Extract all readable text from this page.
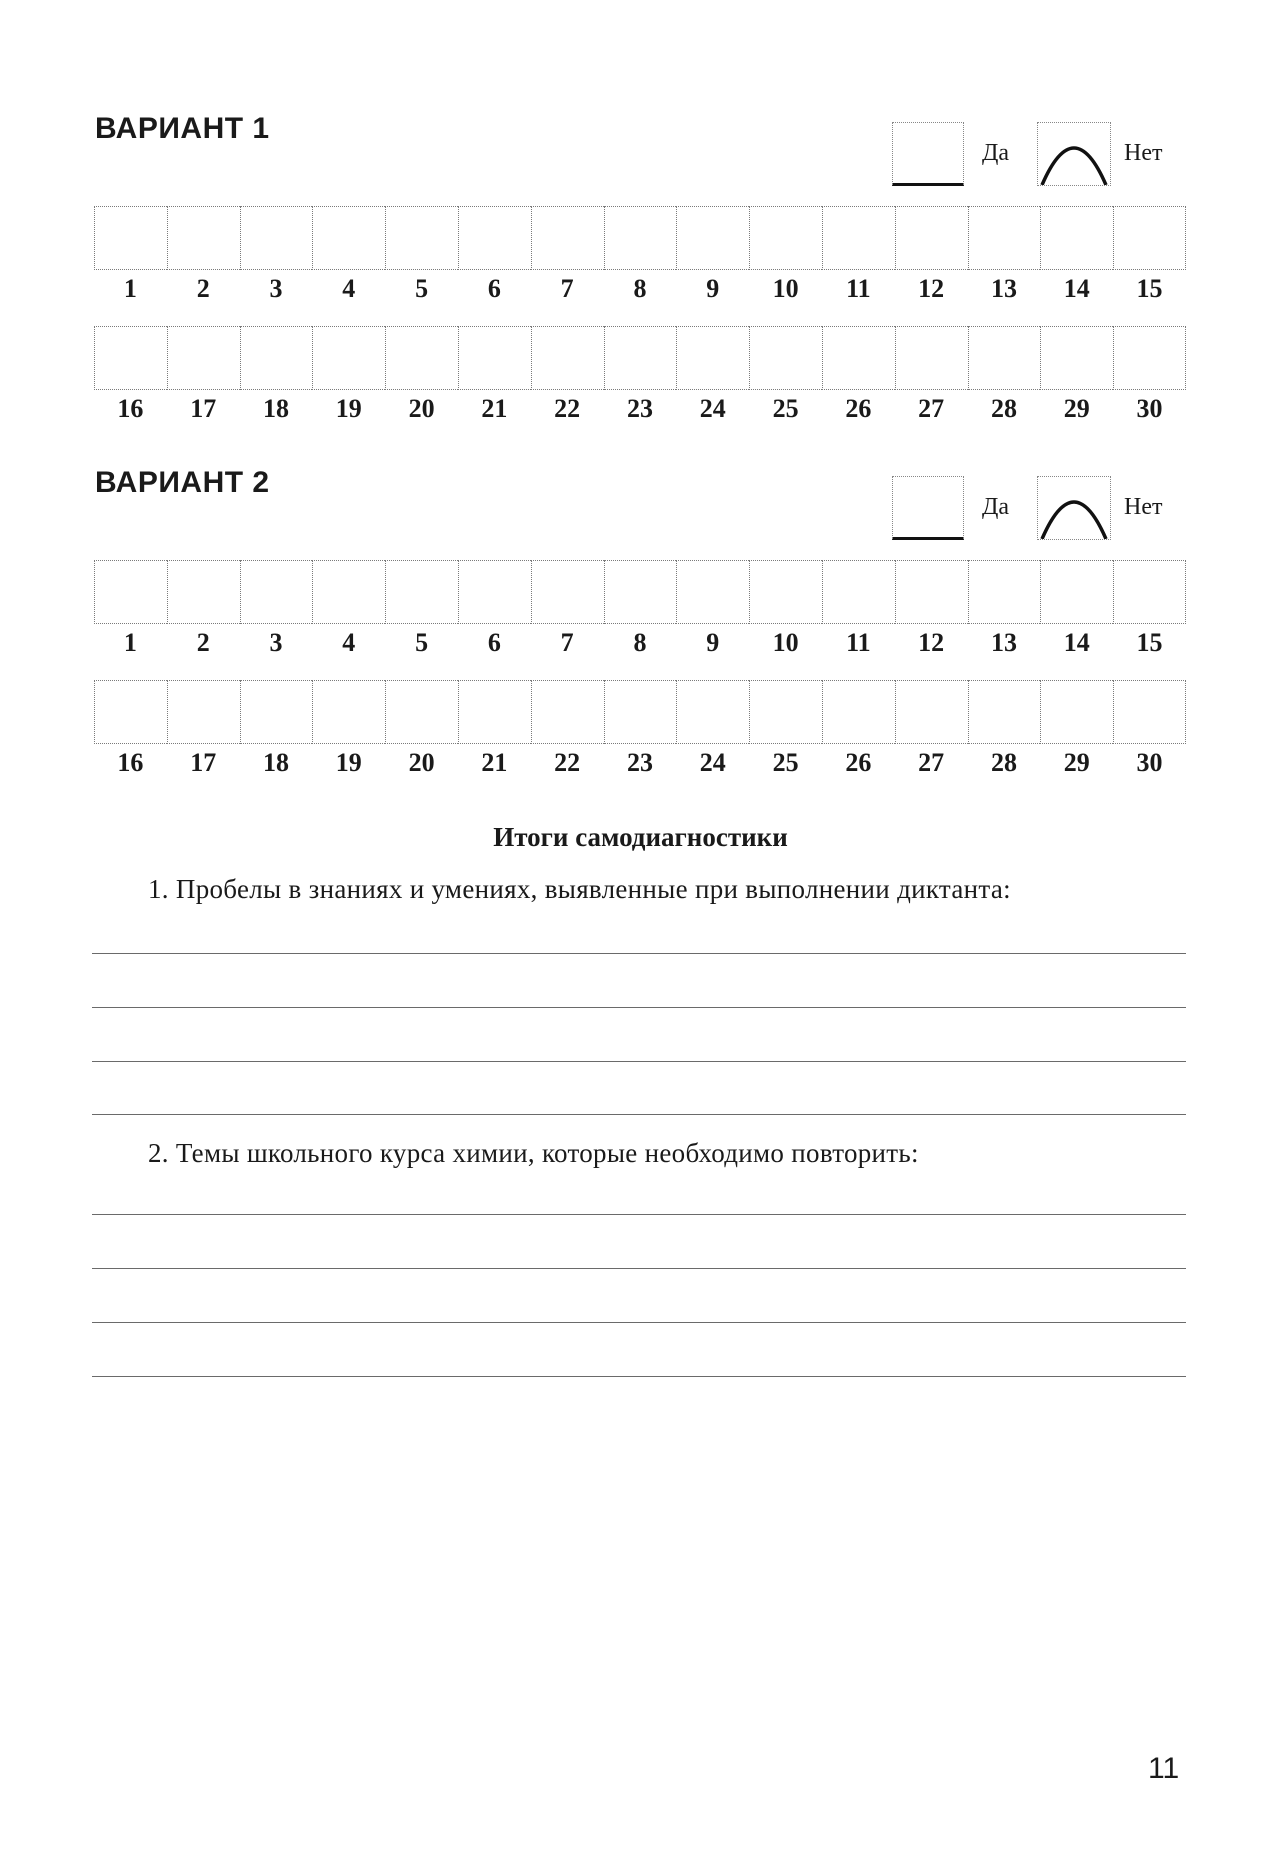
ВАРИАНТ 1
Да	Нет
1	2	3	4	5	6	7	8	9	10	11	12	13	14	15
16	17	18	19	20	21	22	23	24	25	26	27	28	29	30
ВАРИАНТ 2
Да	Нет
1	2	3	4	5	6	7	8	9	10	11	12	13	14	15
16	17	18	19	20	21	22	23	24	25	26	27	28	29	30
Итоги самодиагностики
1. Пробелы в знаниях и умениях, выявленные при выполнении диктанта:
2. Темы школьного курса химии, которые необходимо повторить:
11
